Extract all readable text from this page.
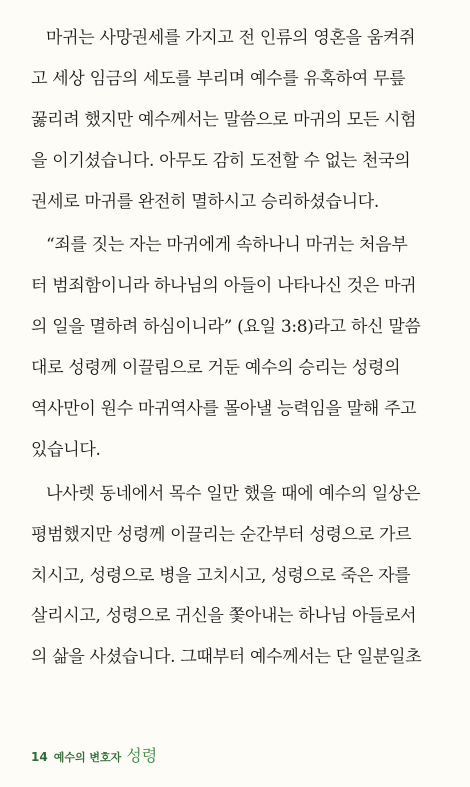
마귀는 사망권세를 가지고 전 인류의 영혼을 움켜쥐
고 세상 임금의 세도를 부리며 예수를 유혹하여 무릎
꿇리려 했지만 예수께서는 말씀으로 마귀의 모든 시험
을 이기셨습니다. 아무도 감히 도전할 수 없는 천국의
권세로 마귀를 완전히 멸하시고 승리하셨습니다.
“죄를 짓는 자는 마귀에게 속하나니 마귀는 처음부
터 범죄함이니라 하나님의 아들이 나타나신 것은 마귀
의 일을 멸하려 하심이니라” (요일 3:8)라고 하신 말씀
대로 성령께 이끌림으로 거둔 예수의 승리는 성령의
역사만이 원수 마귀역사를 몰아낼 능력임을 말해 주고
있습니다.
나사렛 동네에서 목수 일만 했을 때에 예수의 일상은
평범했지만 성령께 이끌리는 순간부터 성령으로 가르
치시고, 성령으로 병을 고치시고, 성령으로 죽은 자를
살리시고, 성령으로 귀신을 쫓아내는 하나님 아들로서
의 삶을 사셨습니다. 그때부터 예수께서는 단 일분일초
14 예수의 변호자 성령
